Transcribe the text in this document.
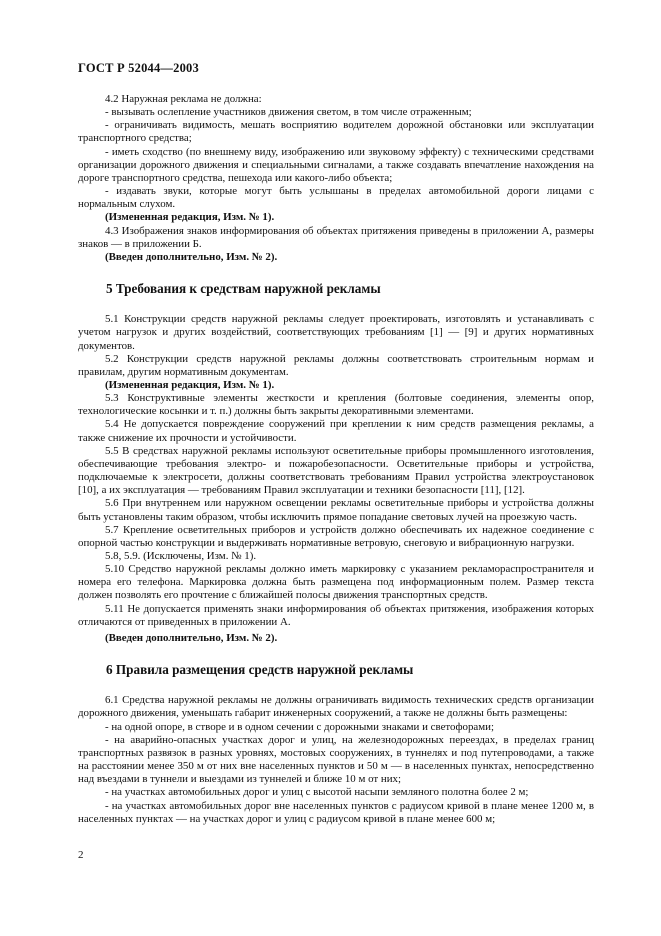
ГОСТ Р 52044—2003

4.2 Наружная реклама не должна:

- вызывать ослепление участников движения светом, в том числе отраженным;

- ограничивать видимость, мешать восприятию водителем дорожной обстановки или эксплуатации транспортного средства;

- иметь сходство (по внешнему виду, изображению или звуковому эффекту) с техническими средствами организации дорожного движения и специальными сигналами, а также создавать впечатление нахождения на дороге транспортного средства, пешехода или какого-либо объекта;

- издавать звуки, которые могут быть услышаны в пределах автомобильной дороги лицами с нормальным слухом.

(Измененная редакция, Изм. № 1).

4.3 Изображения знаков информирования об объектах притяжения приведены в приложении А, размеры знаков — в приложении Б.

(Введен дополнительно, Изм. № 2).

5 Требования к средствам наружной рекламы

5.1 Конструкции средств наружной рекламы следует проектировать, изготовлять и устанавливать с учетом нагрузок и других воздействий, соответствующих требованиям [1] — [9] и других нормативных документов.

5.2 Конструкции средств наружной рекламы должны соответствовать строительным нормам и правилам, другим нормативным документам.

(Измененная редакция, Изм. № 1).

5.3 Конструктивные элементы жесткости и крепления (болтовые соединения, элементы опор, технологические косынки и т. п.) должны быть закрыты декоративными элементами.

5.4 Не допускается повреждение сооружений при креплении к ним средств размещения рекламы, а также снижение их прочности и устойчивости.

5.5 В средствах наружной рекламы используют осветительные приборы промышленного изготовления, обеспечивающие требования электро- и пожаробезопасности. Осветительные приборы и устройства, подключаемые к электросети, должны соответствовать требованиям Правил устройства электроустановок [10], а их эксплуатация — требованиям Правил эксплуатации и техники безопасности [11], [12].

5.6 При внутреннем или наружном освещении рекламы осветительные приборы и устройства должны быть установлены таким образом, чтобы исключить прямое попадание световых лучей на проезжую часть.

5.7 Крепление осветительных приборов и устройств должно обеспечивать их надежное соединение с опорной частью конструкции и выдерживать нормативные ветровую, снеговую и вибрационную нагрузки.

5.8, 5.9. (Исключены, Изм. № 1).

5.10 Средство наружной рекламы должно иметь маркировку с указанием рекламораспространителя и номера его телефона. Маркировка должна быть размещена под информационным полем. Размер текста должен позволять его прочтение с ближайшей полосы движения транспортных средств.

5.11 Не допускается применять знаки информирования об объектах притяжения, изображения которых отличаются от приведенных в приложении А.

(Введен дополнительно, Изм. № 2).

6 Правила размещения средств наружной рекламы

6.1 Средства наружной рекламы не должны ограничивать видимость технических средств организации дорожного движения, уменьшать габарит инженерных сооружений, а также не должны быть размещены:

- на одной опоре, в створе и в одном сечении с дорожными знаками и светофорами;

- на аварийно-опасных участках дорог и улиц, на железнодорожных переездах, в пределах границ транспортных развязок в разных уровнях, мостовых сооружениях, в туннелях и под путепроводами, а также на расстоянии менее 350 м от них вне населенных пунктов и 50 м — в населенных пунктах, непосредственно над въездами в туннели и выездами из туннелей и ближе 10 м от них;

- на участках автомобильных дорог и улиц с высотой насыпи земляного полотна более 2 м;

- на участках автомобильных дорог вне населенных пунктов с радиусом кривой в плане менее 1200 м, в населенных пунктах — на участках дорог и улиц с радиусом кривой в плане менее 600 м;

2
